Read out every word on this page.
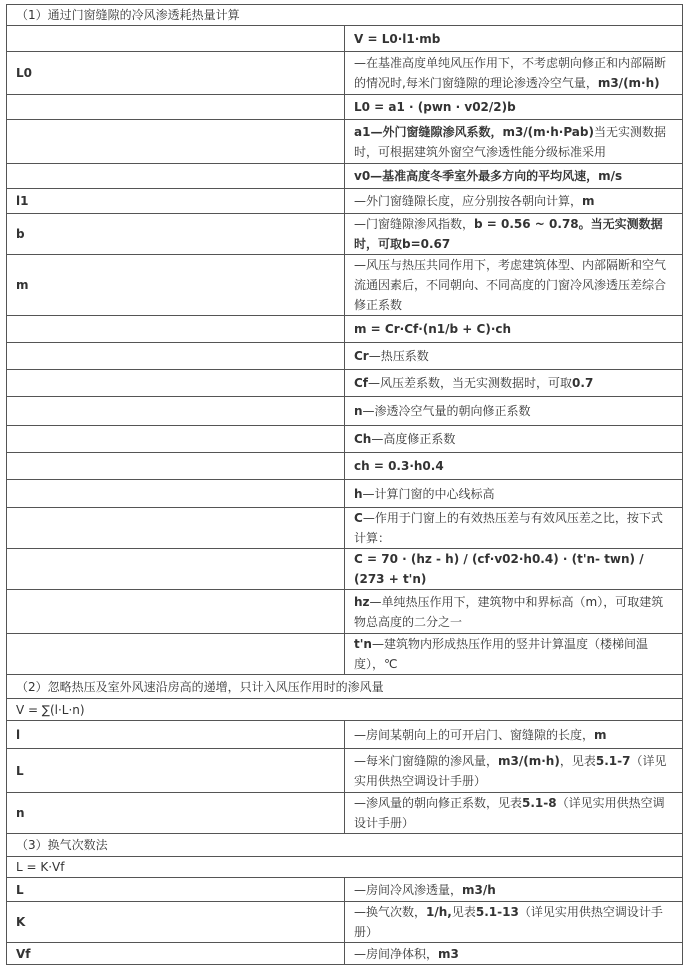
（1）通过门窗缝隙的冷风渗透耗热量计算	
	V = L0·l1·mb
L0	—在基准高度单纯风压作用下，不考虑朝向修正和内部隔断的情况时,每米门窗缝隙的理论渗透冷空气量，m3/(m·h)
	L0 = a1 · (pwn · v02/2)b
	a1—外门窗缝隙渗风系数，m3/(m·h·Pab)当无实测数据时，可根据建筑外窗空气渗透性能分级标准采用
	v0—基准高度冬季室外最多方向的平均风速，m/s
l1	—外门窗缝隙长度，应分别按各朝向计算，m
b	—门窗缝隙渗风指数，b = 0.56 ~ 0.78。当无实测数据时，可取b=0.67
m	—风压与热压共同作用下，考虑建筑体型、内部隔断和空气流通因素后，不同朝向、不同高度的门窗冷风渗透压差综合修正系数
	m = Cr·Cf·(n1/b + C)·ch
	Cr—热压系数
	Cf—风压差系数，当无实测数据时，可取0.7
	n—渗透冷空气量的朝向修正系数
	Ch—高度修正系数
	ch = 0.3·h0.4
	h—计算门窗的中心线标高
	C—作用于门窗上的有效热压差与有效风压差之比，按下式计算：
	C = 70 · (hz - h) / (cf·v02·h0.4) · (t'n- twn) / (273 + t'n)
	hz—单纯热压作用下，建筑物中和界标高（m），可取建筑物总高度的二分之一
	t'n—建筑物内形成热压作用的竖井计算温度（楼梯间温度），℃
（2）忽略热压及室外风速沿房高的递增，只计入风压作用时的渗风量	
V = ∑(l·L·n)	
l	—房间某朝向上的可开启门、窗缝隙的长度，m
L	—每米门窗缝隙的渗风量，m3/(m·h)，见表5.1-7（详见实用供热空调设计手册）
n	—渗风量的朝向修正系数，见表5.1-8（详见实用供热空调设计手册）
（3）换气次数法	
L = K·Vf	
L	—房间冷风渗透量，m3/h
K	—换气次数，1/h,见表5.1-13（详见实用供热空调设计手册）
Vf	—房间净体积，m3
